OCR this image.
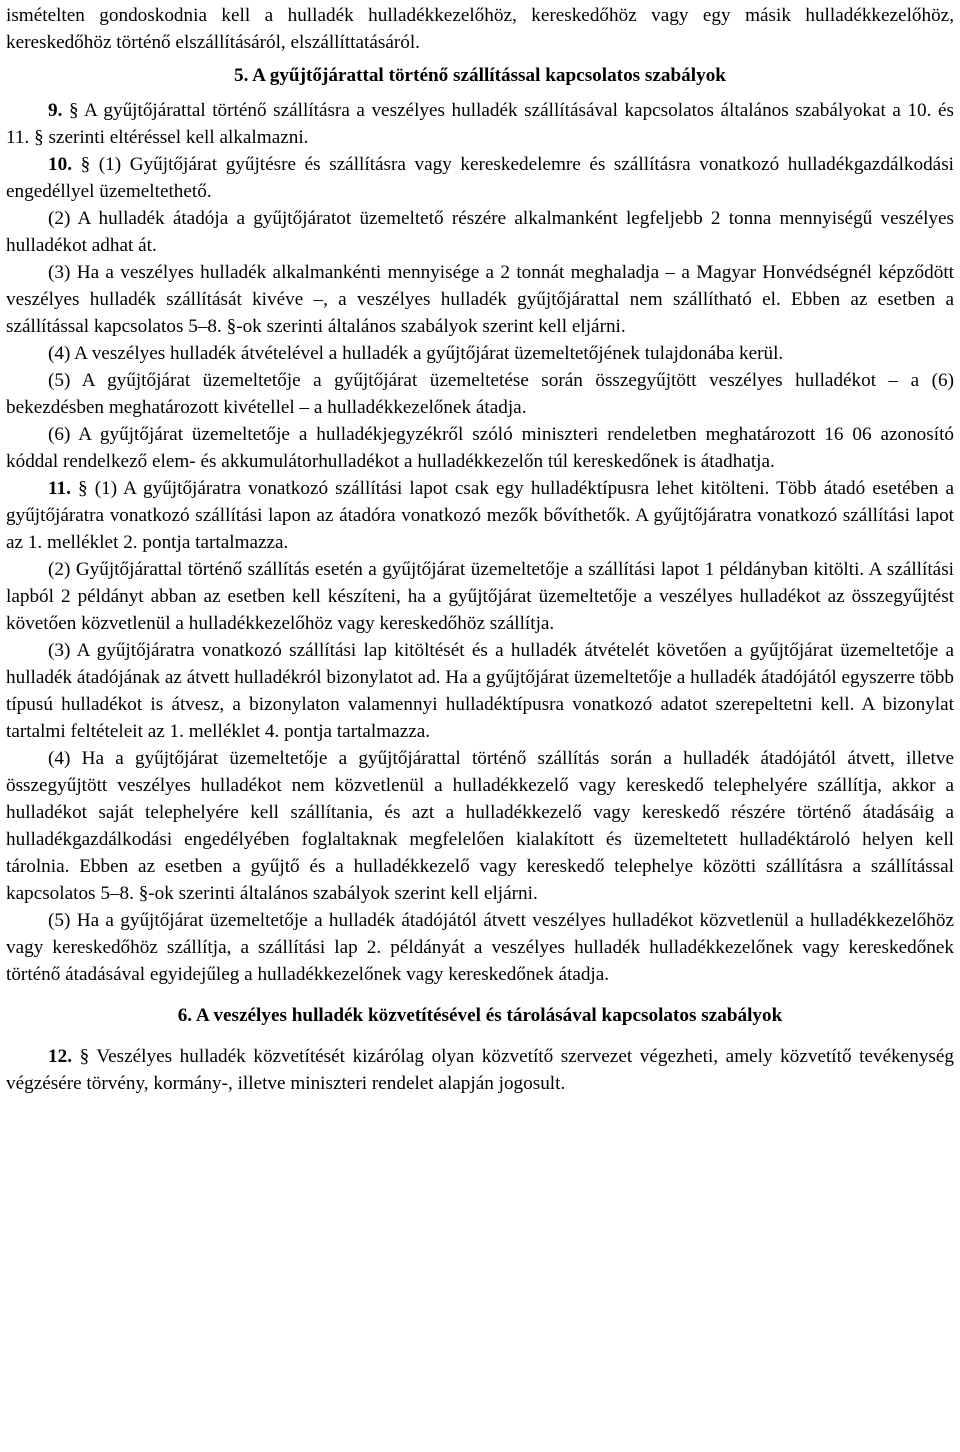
ismételten gondoskodnia kell a hulladék hulladékkezelőhöz, kereskedőhöz vagy egy másik hulladékkezelőhöz, kereskedőhöz történő elszállításáról, elszállíttatásáról.

5. A gyűjtőjárattal történő szállítással kapcsolatos szabályok

9. § A gyűjtőjárattal történő szállításra a veszélyes hulladék szállításával kapcsolatos általános szabályokat a 10. és 11. § szerinti eltéréssel kell alkalmazni.

10. § (1) Gyűjtőjárat gyűjtésre és szállításra vagy kereskedelemre és szállításra vonatkozó hulladékgazdálkodási engedéllyel üzemeltethető.

(2) A hulladék átadója a gyűjtőjáratot üzemeltető részére alkalmanként legfeljebb 2 tonna mennyiségű veszélyes hulladékot adhat át.

(3) Ha a veszélyes hulladék alkalmankénti mennyisége a 2 tonnát meghaladja – a Magyar Honvédségnél képződött veszélyes hulladék szállítását kivéve –, a veszélyes hulladék gyűjtőjárattal nem szállítható el. Ebben az esetben a szállítással kapcsolatos 5–8. §-ok szerinti általános szabályok szerint kell eljárni.

(4) A veszélyes hulladék átvételével a hulladék a gyűjtőjárat üzemeltetőjének tulajdonába kerül.

(5) A gyűjtőjárat üzemeltetője a gyűjtőjárat üzemeltetése során összegyűjtött veszélyes hulladékot – a (6) bekezdésben meghatározott kivétellel – a hulladékkezelőnek átadja.

(6) A gyűjtőjárat üzemeltetője a hulladékjegyzékről szóló miniszteri rendeletben meghatározott 16 06 azonosító kóddal rendelkező elem- és akkumulátorhulladékot a hulladékkezelőn túl kereskedőnek is átadhatja.

11. § (1) A gyűjtőjáratra vonatkozó szállítási lapot csak egy hulladéktípusra lehet kitölteni. Több átadó esetében a gyűjtőjáratra vonatkozó szállítási lapon az átadóra vonatkozó mezők bővíthetők. A gyűjtőjáratra vonatkozó szállítási lapot az 1. melléklet 2. pontja tartalmazza.

(2) Gyűjtőjárattal történő szállítás esetén a gyűjtőjárat üzemeltetője a szállítási lapot 1 példányban kitölti. A szállítási lapból 2 példányt abban az esetben kell készíteni, ha a gyűjtőjárat üzemeltetője a veszélyes hulladékot az összegyűjtést követően közvetlenül a hulladékkezelőhöz vagy kereskedőhöz szállítja.

(3) A gyűjtőjáratra vonatkozó szállítási lap kitöltését és a hulladék átvételét követően a gyűjtőjárat üzemeltetője a hulladék átadójának az átvett hulladékról bizonylatot ad. Ha a gyűjtőjárat üzemeltetője a hulladék átadójától egyszerre több típusú hulladékot is átvesz, a bizonylaton valamennyi hulladéktípusra vonatkozó adatot szerepeltetni kell. A bizonylat tartalmi feltételeit az 1. melléklet 4. pontja tartalmazza.

(4) Ha a gyűjtőjárat üzemeltetője a gyűjtőjárattal történő szállítás során a hulladék átadójától átvett, illetve összegyűjtött veszélyes hulladékot nem közvetlenül a hulladékkezelő vagy kereskedő telephelyére szállítja, akkor a hulladékot saját telephelyére kell szállítania, és azt a hulladékkezelő vagy kereskedő részére történő átadásáig a hulladékgazdálkodási engedélyében foglaltaknak megfelelően kialakított és üzemeltetett hulladéktároló helyen kell tárolnia. Ebben az esetben a gyűjtő és a hulladékkezelő vagy kereskedő telephelye közötti szállításra a szállítással kapcsolatos 5–8. §-ok szerinti általános szabályok szerint kell eljárni.

(5) Ha a gyűjtőjárat üzemeltetője a hulladék átadójától átvett veszélyes hulladékot közvetlenül a hulladékkezelőhöz vagy kereskedőhöz szállítja, a szállítási lap 2. példányát a veszélyes hulladék hulladékkezelőnek vagy kereskedőnek történő átadásával egyidejűleg a hulladékkezelőnek vagy kereskedőnek átadja.

6. A veszélyes hulladék közvetítésével és tárolásával kapcsolatos szabályok

12. § Veszélyes hulladék közvetítését kizárólag olyan közvetítő szervezet végezheti, amely közvetítő tevékenység végzésére törvény, kormány-, illetve miniszteri rendelet alapján jogosult.
